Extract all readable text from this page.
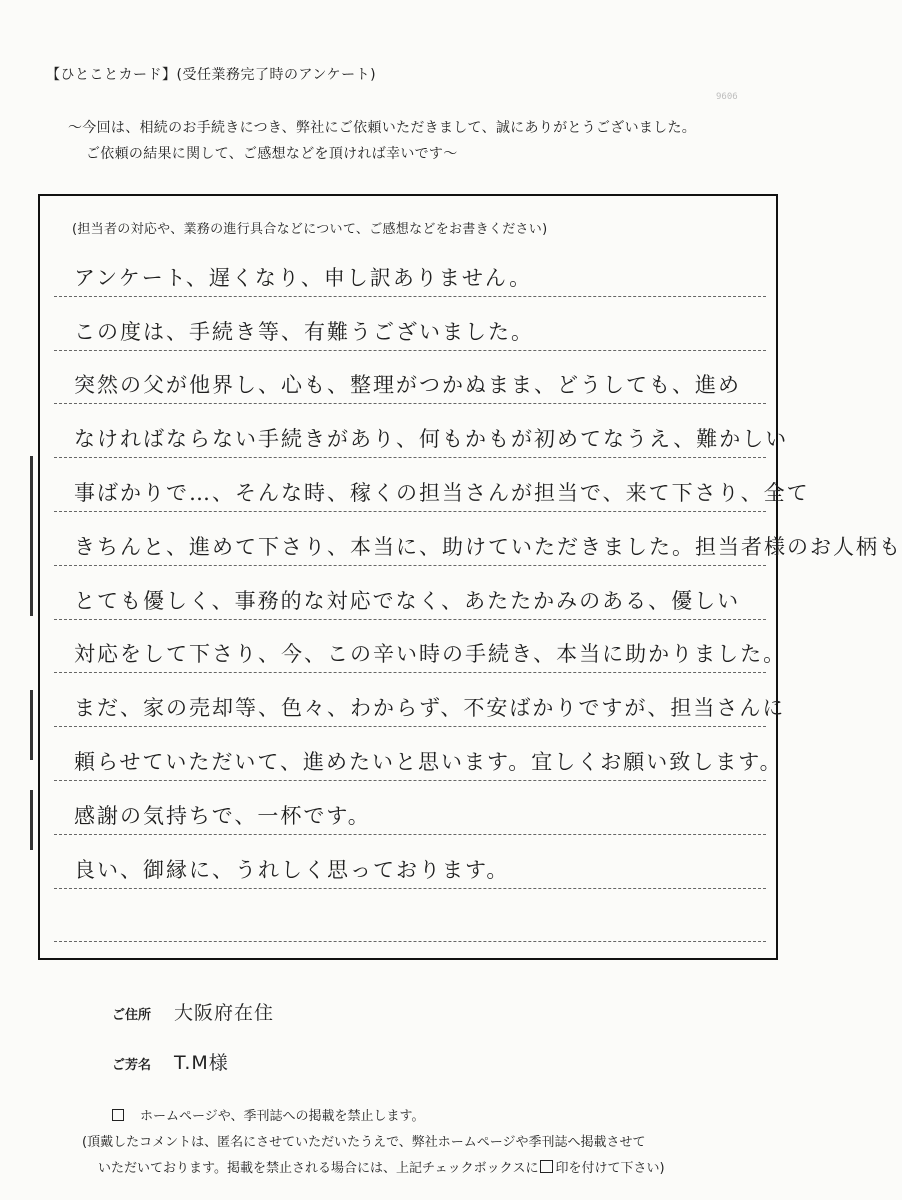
【ひとことカード】(受任業務完了時のアンケート)
9606
〜今回は、相続のお手続きにつき、弊社にご依頼いただきまして、誠にありがとうございました。
ご依頼の結果に関して、ご感想などを頂ければ幸いです〜
(担当者の対応や、業務の進行具合などについて、ご感想などをお書きください)
アンケート、遅くなり、申し訳ありません。
この度は、手続き等、有難うございました。
突然の父が他界し、心も、整理がつかぬまま、どうしても、進め
なければならない手続きがあり、何もかもが初めてなうえ、難かしい
事ばかりで…、そんな時、稼くの担当さんが担当で、来て下さり、全て
きちんと、進めて下さり、本当に、助けていただきました。担当者様のお人柄も
とても優しく、事務的な対応でなく、あたたかみのある、優しい
対応をして下さり、今、この辛い時の手続き、本当に助かりました。
まだ、家の売却等、色々、わからず、不安ばかりですが、担当さんに
頼らせていただいて、進めたいと思います。宜しくお願い致します。
感謝の気持ちで、一杯です。
良い、御縁に、うれしく思っております。
ご住所 大阪府在住
ご芳名 T.M様
ホームページや、季刊誌への掲載を禁止します。
(頂戴したコメントは、匿名にさせていただいたうえで、弊社ホームページや季刊誌へ掲載させて
いただいております。掲載を禁止される場合には、上記チェックボックスに 印を付けて下さい)
